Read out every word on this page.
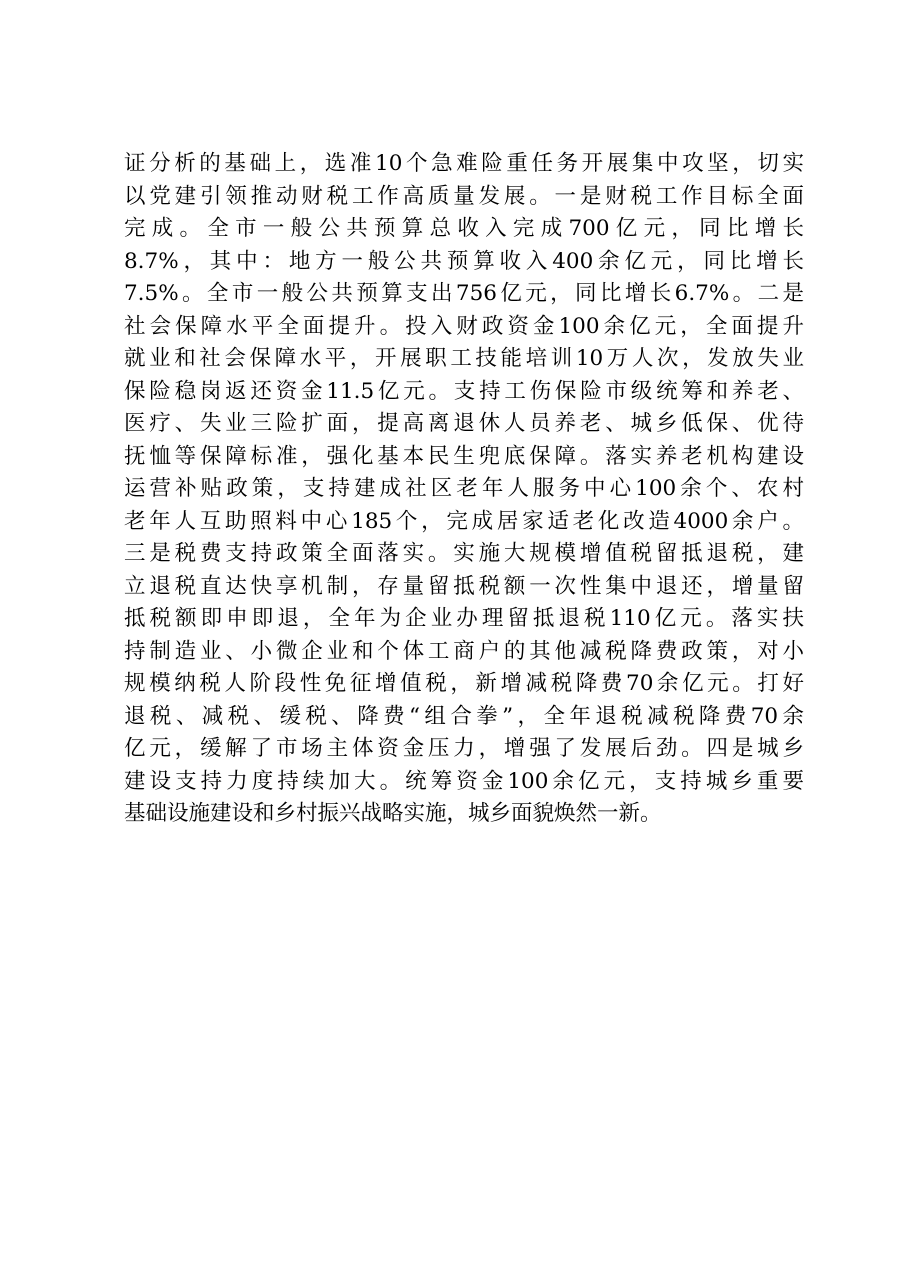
证分析的基础上，选准10个急难险重任务开展集中攻坚，切实
以党建引领推动财税工作高质量发展。一是财税工作目标全面
完成。全市一般公共预算总收入完成700亿元，同比增长
8.7%，其中：地方一般公共预算收入400余亿元，同比增长
7.5%。全市一般公共预算支出756亿元，同比增长6.7%。二是
社会保障水平全面提升。投入财政资金100余亿元，全面提升
就业和社会保障水平，开展职工技能培训10万人次，发放失业
保险稳岗返还资金11.5亿元。支持工伤保险市级统筹和养老、
医疗、失业三险扩面，提高离退休人员养老、城乡低保、优待
抚恤等保障标准，强化基本民生兜底保障。落实养老机构建设
运营补贴政策，支持建成社区老年人服务中心100余个、农村
老年人互助照料中心185个，完成居家适老化改造4000余户。
三是税费支持政策全面落实。实施大规模增值税留抵退税，建
立退税直达快享机制，存量留抵税额一次性集中退还，增量留
抵税额即申即退，全年为企业办理留抵退税110亿元。落实扶
持制造业、小微企业和个体工商户的其他减税降费政策，对小
规模纳税人阶段性免征增值税，新增减税降费70余亿元。打好
退税、减税、缓税、降费“组合拳”，全年退税减税降费70余
亿元，缓解了市场主体资金压力，增强了发展后劲。四是城乡
建设支持力度持续加大。统筹资金100余亿元，支持城乡重要
基础设施建设和乡村振兴战略实施，城乡面貌焕然一新。
